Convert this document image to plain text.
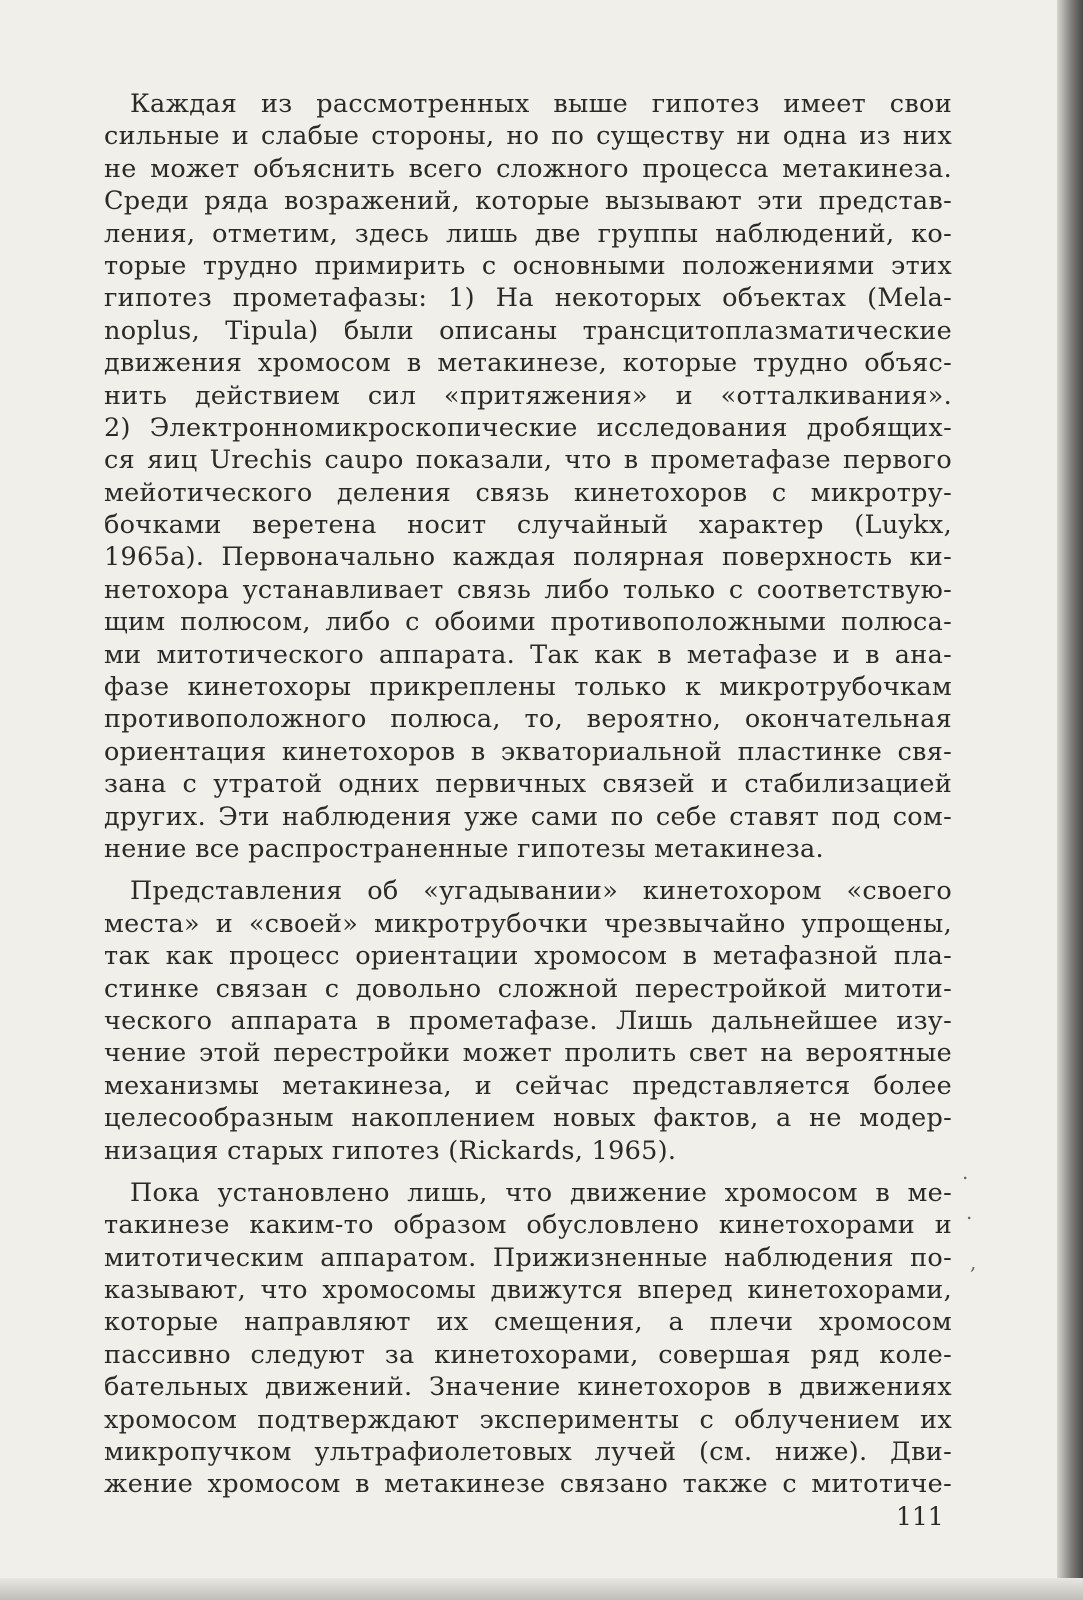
Каждая из рассмотренных выше гипотез имеет свои
сильные и слабые стороны, но по существу ни одна из них
не может объяснить всего сложного процесса метакинеза.
Среди ряда возражений, которые вызывают эти представ-
ления, отметим, здесь лишь две группы наблюдений, ко-
торые трудно примирить с основными положениями этих
гипотез прометафазы: 1) На некоторых объектах (Mela-
noplus, Tipula) были описаны трансцитоплазматические
движения хромосом в метакинезе, которые трудно объяс-
нить действием сил «притяжения» и «отталкивания».
2) Электронномикроскопические исследования дробящих-
ся яиц Urechis caupo показали, что в прометафазе первого
мейотического деления связь кинетохоров с микротру-
бочками веретена носит случайный характер (Luykx,
1965a). Первоначально каждая полярная поверхность ки-
нетохора устанавливает связь либо только с соответствую-
щим полюсом, либо с обоими противоположными полюса-
ми митотического аппарата. Так как в метафазе и в ана-
фазе кинетохоры прикреплены только к микротрубочкам
противоположного полюса, то, вероятно, окончательная
ориентация кинетохоров в экваториальной пластинке свя-
зана с утратой одних первичных связей и стабилизацией
других. Эти наблюдения уже сами по себе ставят под сом-
нение все распространенные гипотезы метакинеза.
Представления об «угадывании» кинетохором «своего
места» и «своей» микротрубочки чрезвычайно упрощены,
так как процесс ориентации хромосом в метафазной пла-
стинке связан с довольно сложной перестройкой митоти-
ческого аппарата в прометафазе. Лишь дальнейшее изу-
чение этой перестройки может пролить свет на вероятные
механизмы метакинеза, и сейчас представляется более
целесообразным накоплением новых фактов, а не модер-
низация старых гипотез (Rickards, 1965).
Пока установлено лишь, что движение хромосом в ме-
такинезе каким-то образом обусловлено кинетохорами и
митотическим аппаратом. Прижизненные наблюдения по-
казывают, что хромосомы движутся вперед кинетохорами,
которые направляют их смещения, а плечи хромосом
пассивно следуют за кинетохорами, совершая ряд коле-
бательных движений. Значение кинетохоров в движениях
хромосом подтверждают эксперименты с облучением их
микропучком ультрафиолетовых лучей (см. ниже). Дви-
жение хромосом в метакинезе связано также с митотиче-
.
.
,
111
